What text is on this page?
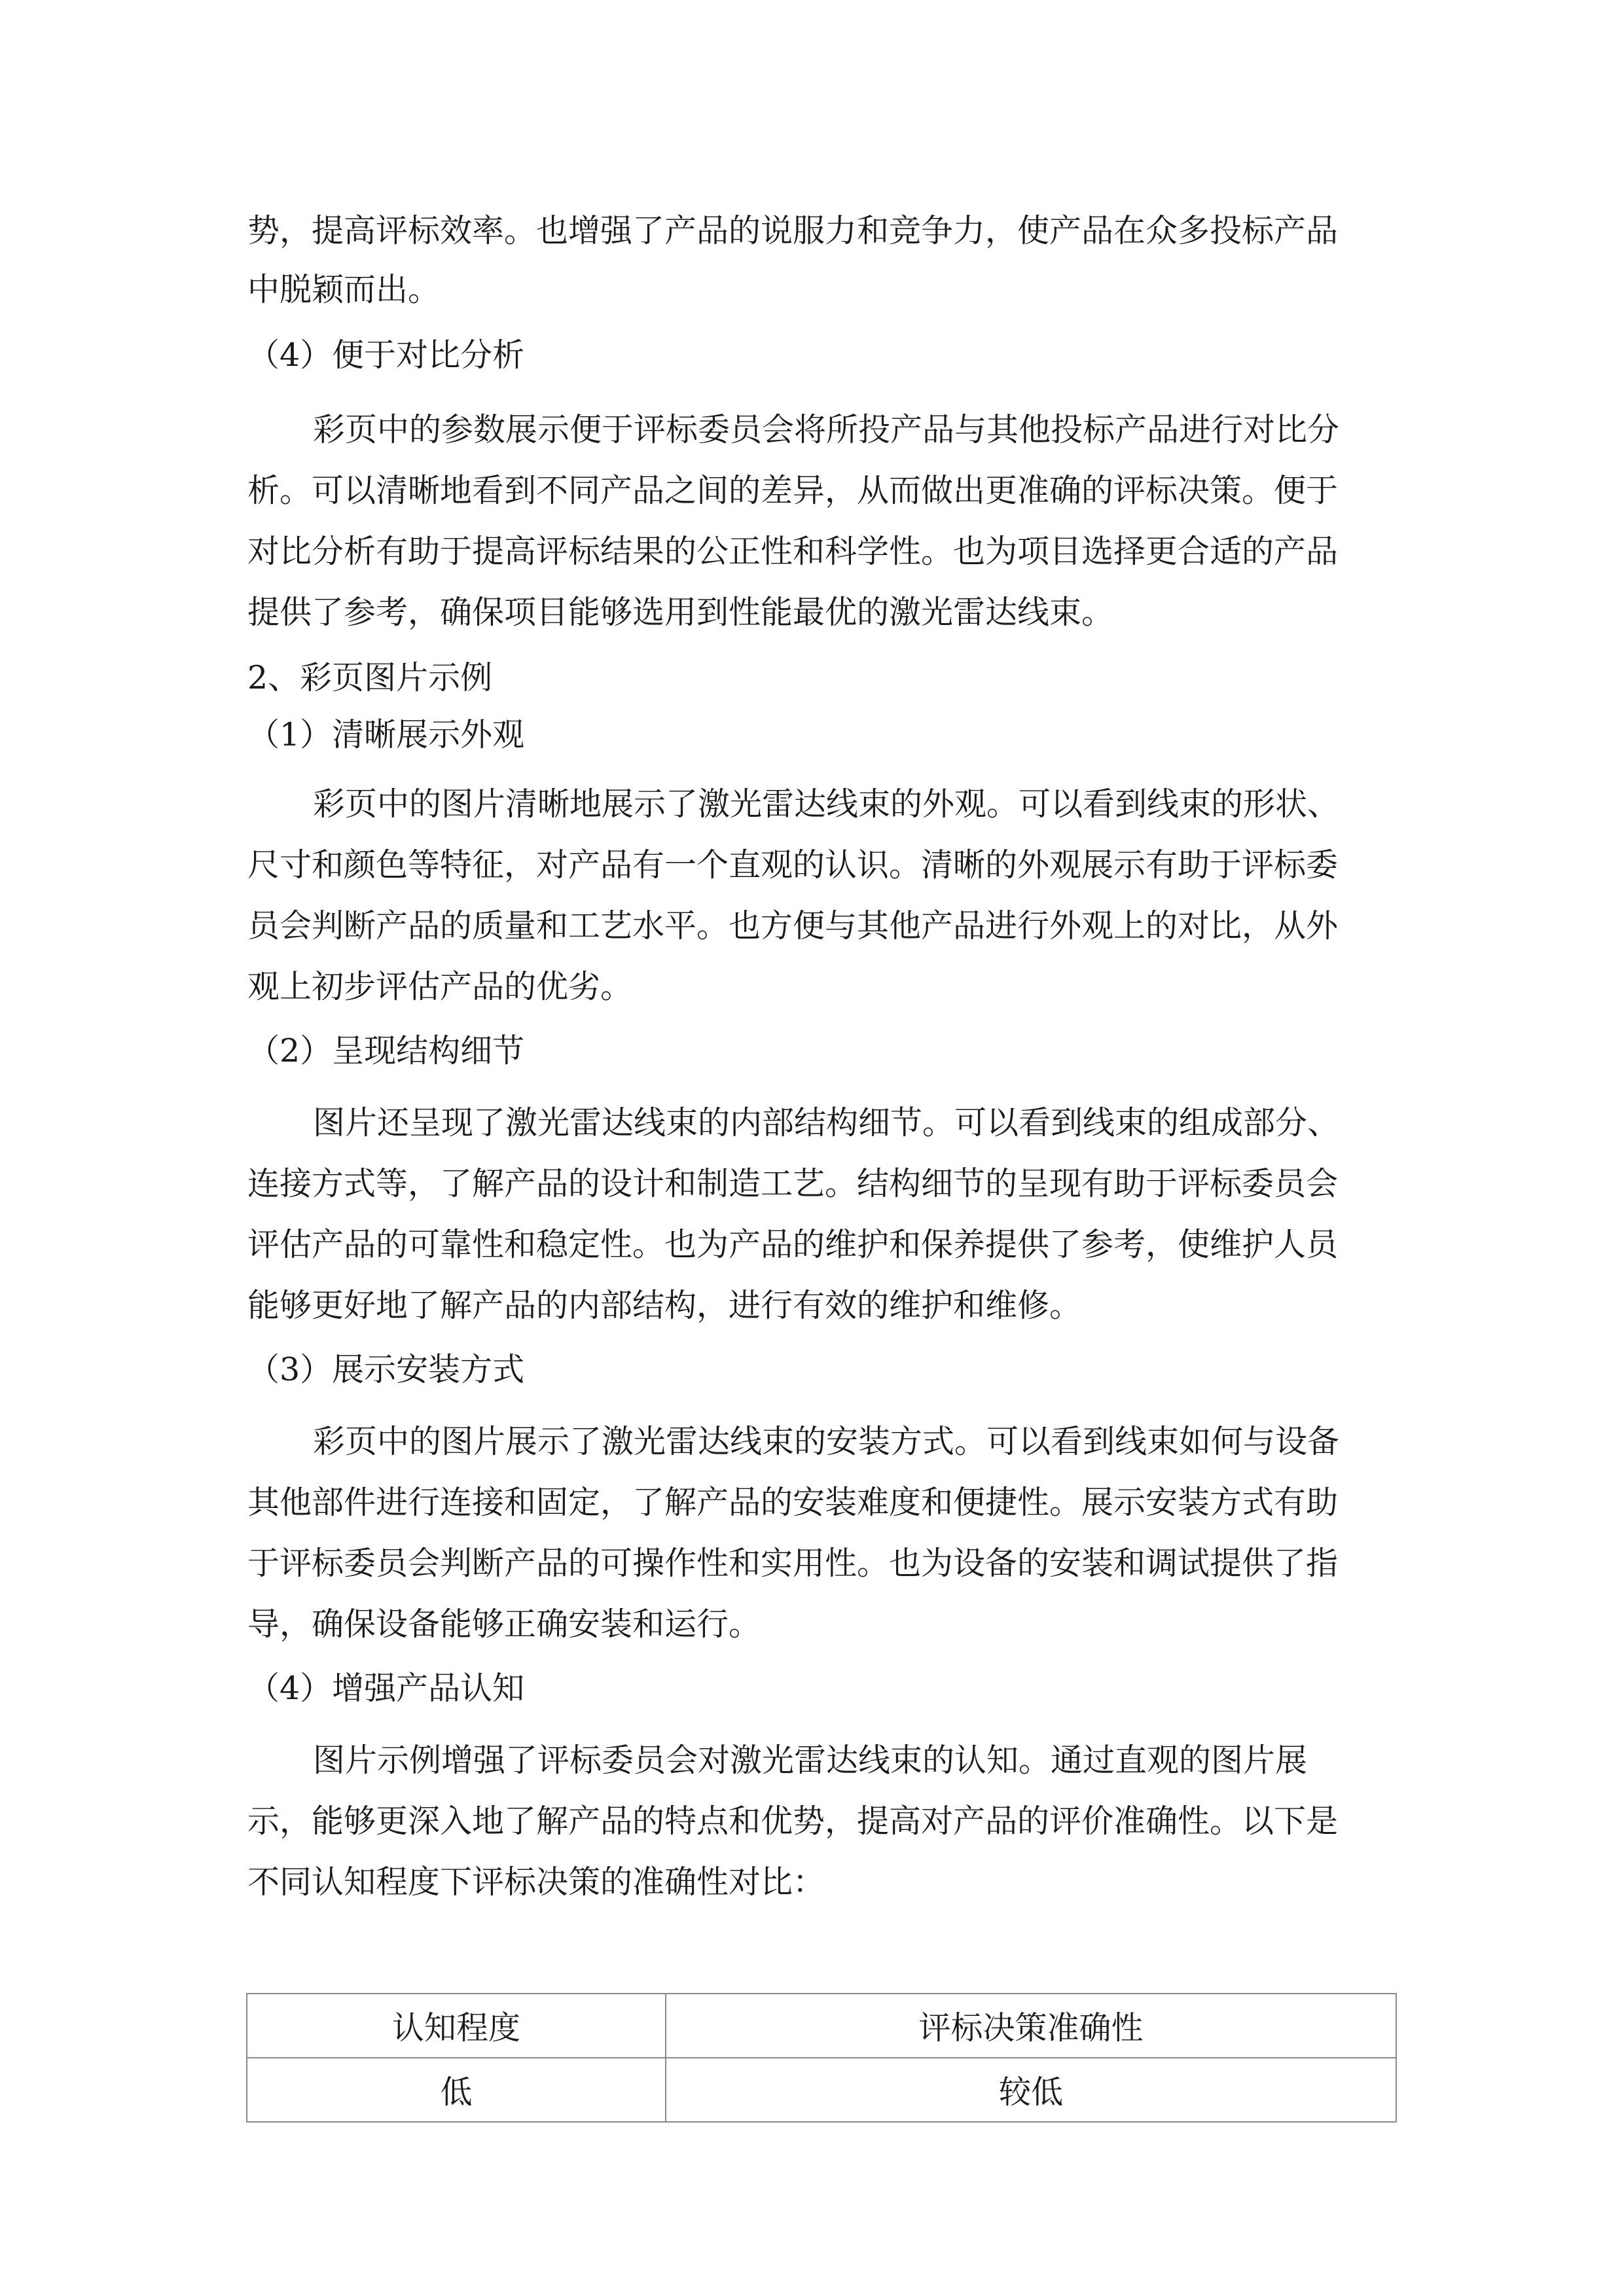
势，提高评标效率。也增强了产品的说服力和竞争力，使产品在众多投标产品
中脱颖而出。
（4）便于对比分析
彩页中的参数展示便于评标委员会将所投产品与其他投标产品进行对比分
析。可以清晰地看到不同产品之间的差异，从而做出更准确的评标决策。便于
对比分析有助于提高评标结果的公正性和科学性。也为项目选择更合适的产品
提供了参考，确保项目能够选用到性能最优的激光雷达线束。
2、彩页图片示例
（1）清晰展示外观
彩页中的图片清晰地展示了激光雷达线束的外观。可以看到线束的形状、
尺寸和颜色等特征，对产品有一个直观的认识。清晰的外观展示有助于评标委
员会判断产品的质量和工艺水平。也方便与其他产品进行外观上的对比，从外
观上初步评估产品的优劣。
（2）呈现结构细节
图片还呈现了激光雷达线束的内部结构细节。可以看到线束的组成部分、
连接方式等，了解产品的设计和制造工艺。结构细节的呈现有助于评标委员会
评估产品的可靠性和稳定性。也为产品的维护和保养提供了参考，使维护人员
能够更好地了解产品的内部结构，进行有效的维护和维修。
（3）展示安装方式
彩页中的图片展示了激光雷达线束的安装方式。可以看到线束如何与设备
其他部件进行连接和固定，了解产品的安装难度和便捷性。展示安装方式有助
于评标委员会判断产品的可操作性和实用性。也为设备的安装和调试提供了指
导，确保设备能够正确安装和运行。
（4）增强产品认知
图片示例增强了评标委员会对激光雷达线束的认知。通过直观的图片展
示，能够更深入地了解产品的特点和优势，提高对产品的评价准确性。以下是
不同认知程度下评标决策的准确性对比：
认知程度	评标决策准确性
低	较低
